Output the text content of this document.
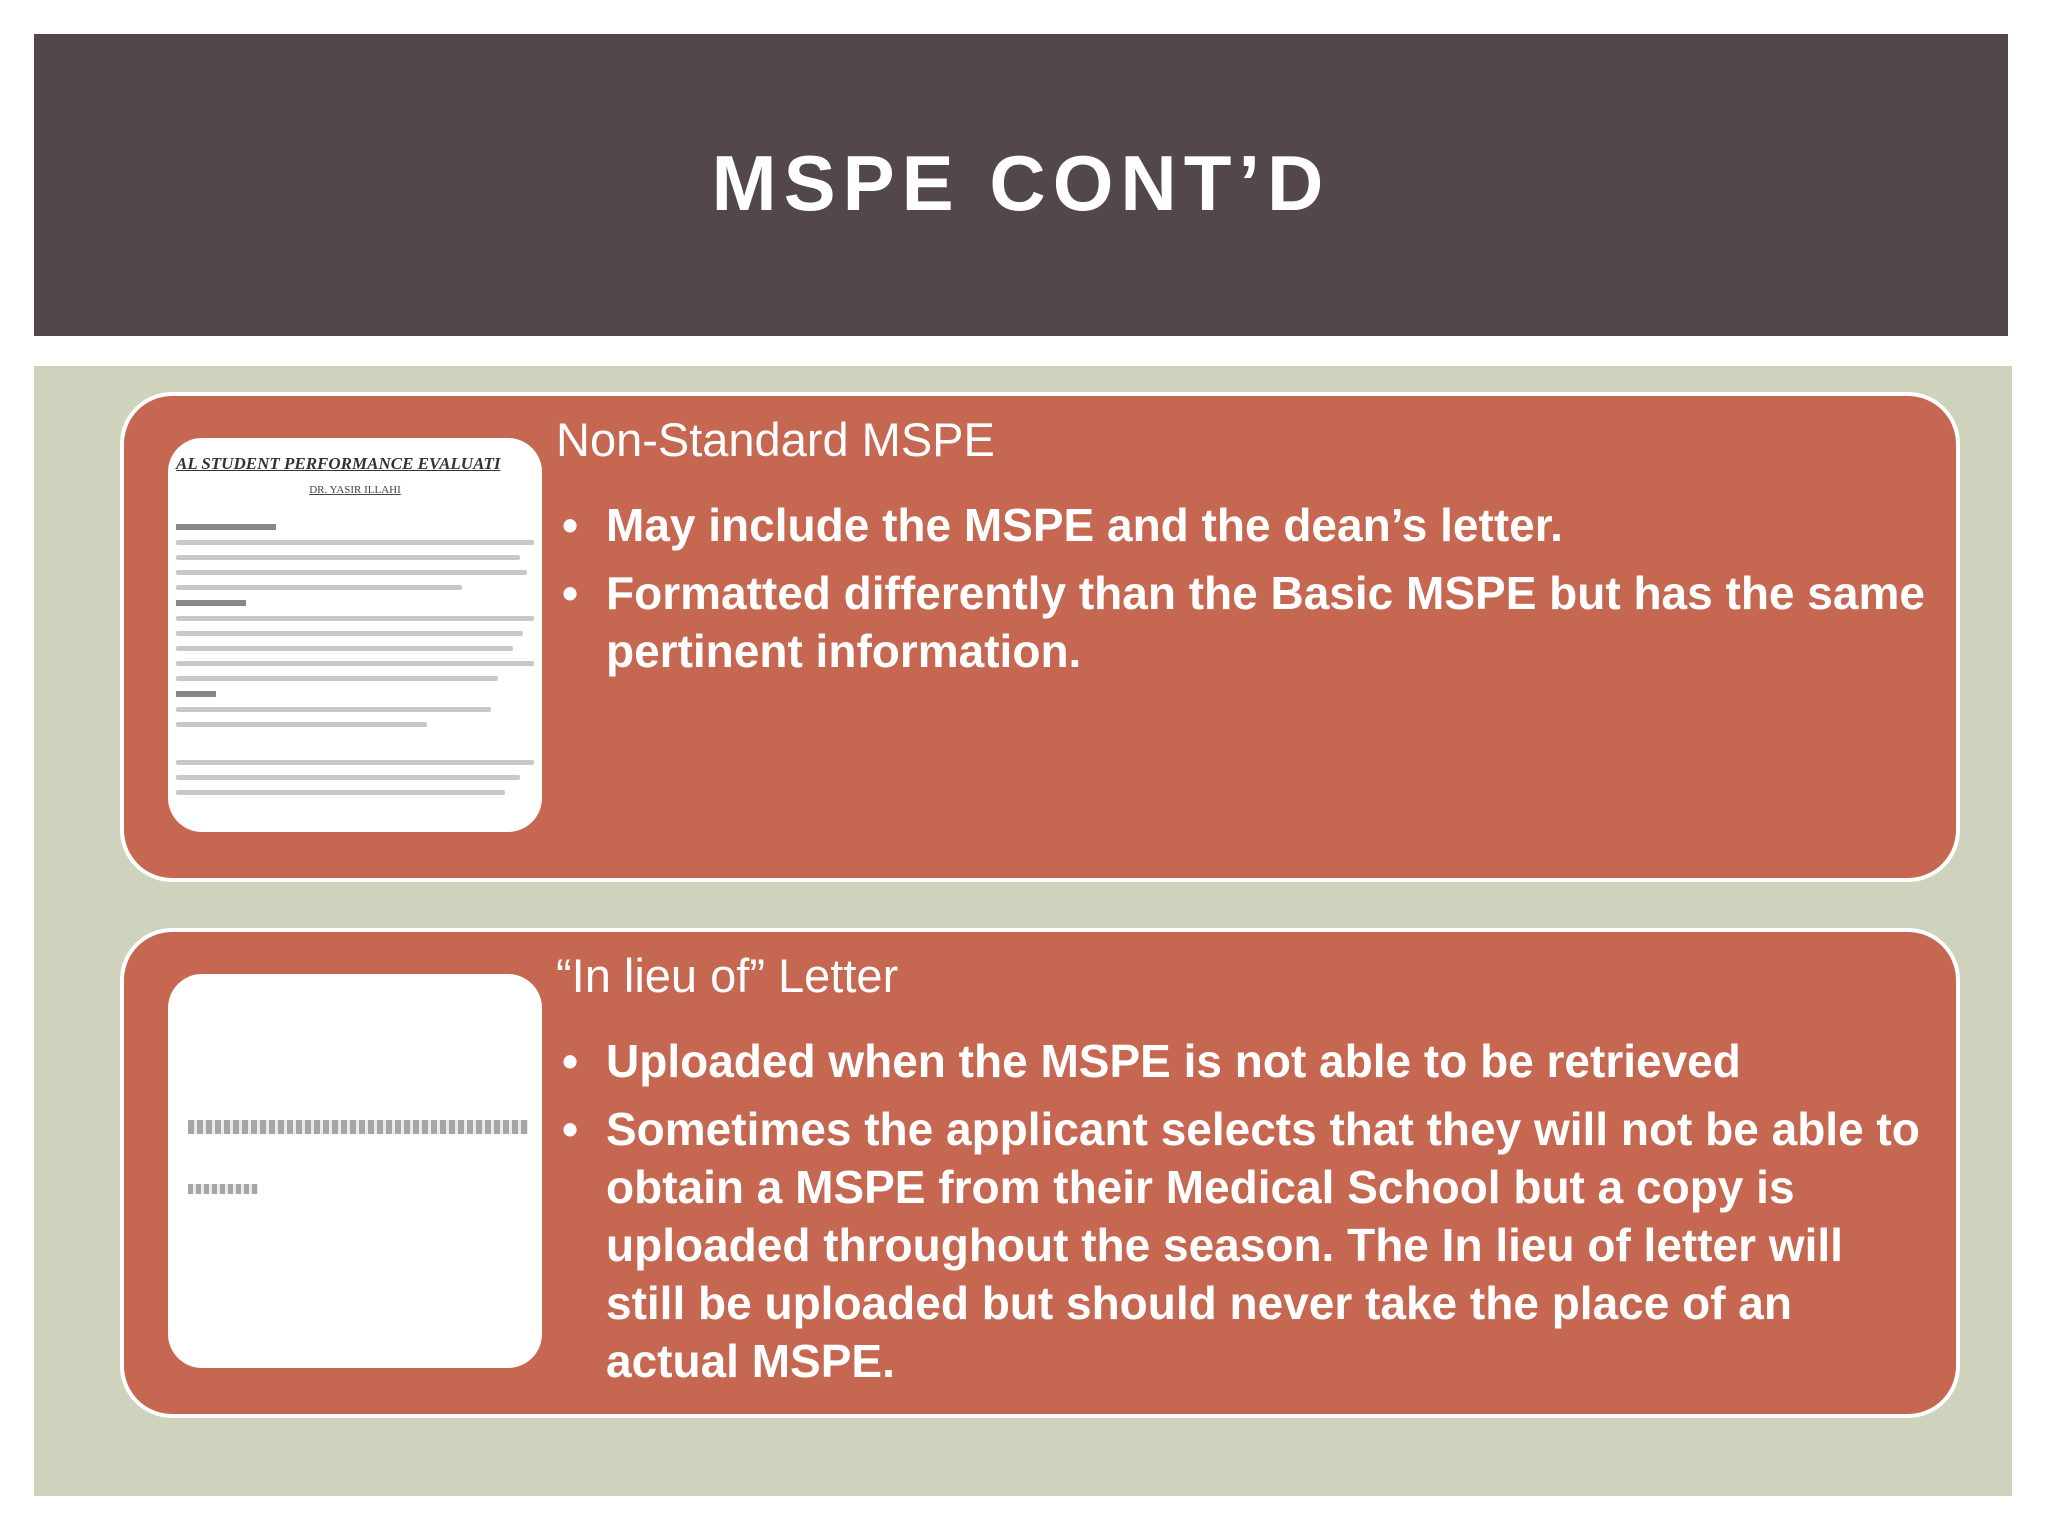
MSPE CONT’D
AL STUDENT PERFORMANCE EVALUATI
DR. YASIR ILLAHI
Non-Standard MSPE
• May include the MSPE and the dean’s letter.
• Formatted differently than the Basic MSPE but has the same pertinent information.
“In lieu of” Letter
• Uploaded when the MSPE is not able to be retrieved
• Sometimes the applicant selects that they will not be able to obtain a MSPE from their Medical School but a copy is uploaded throughout the season. The In lieu of letter will still be uploaded but should never take the place of an actual MSPE.
